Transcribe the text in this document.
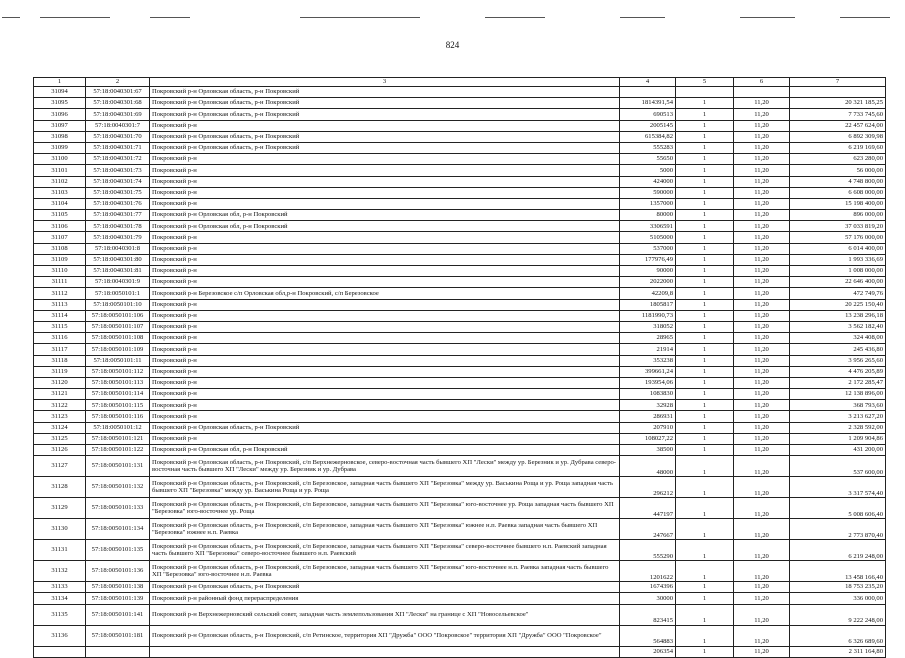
824
1	2	3	4	5	6	7
31094	57:18:0040301:67	Покровский р-н Орловская область, р-н Покровский				
31095	57:18:0040301:68	Покровский р-н Орловская область, р-н Покровский	1814391,54	1	11,20	20 321 185,25
31096	57:18:0040301:69	Покровский р-н Орловская область, р-н Покровский	690513	1	11,20	7 733 745,60
31097	57:18:0040301:7	Покровский р-н	2005145	1	11,20	22 457 624,00
31098	57:18:0040301:70	Покровский р-н Орловская область, р-н Покровский	615384,82	1	11,20	6 892 309,98
31099	57:18:0040301:71	Покровский р-н Орловская область, р-н Покровский	555283	1	11,20	6 219 169,60
31100	57:18:0040301:72	Покровский р-н	55650	1	11,20	623 280,00
31101	57:18:0040301:73	Покровский р-н	5000	1	11,20	56 000,00
31102	57:18:0040301:74	Покровский р-н	424000	1	11,20	4 748 800,00
31103	57:18:0040301:75	Покровский р-н	590000	1	11,20	6 608 000,00
31104	57:18:0040301:76	Покровский р-н	1357000	1	11,20	15 198 400,00
31105	57:18:0040301:77	Покровский р-н Орловская обл, р-н Покровский	80000	1	11,20	896 000,00
31106	57:18:0040301:78	Покровский р-н Орловская обл, р-н Покровский	3306591	1	11,20	37 033 819,20
31107	57:18:0040301:79	Покровский р-н	5105000	1	11,20	57 176 000,00
31108	57:18:0040301:8	Покровский р-н	537000	1	11,20	6 014 400,00
31109	57:18:0040301:80	Покровский р-н	177976,49	1	11,20	1 993 336,69
31110	57:18:0040301:81	Покровский р-н	90000	1	11,20	1 008 000,00
31111	57:18:0040301:9	Покровский р-н	2022000	1	11,20	22 646 400,00
31112	57:18:0050101:1	Покровский р-н Березовское с/п Орловская обл,р-н Покровский, с/п Березовское	42209,8	1	11,20	472 749,76
31113	57:18:0050101:10	Покровский р-н	1805817	1	11,20	20 225 150,40
31114	57:18:0050101:106	Покровский р-н	1181990,73	1	11,20	13 238 296,18
31115	57:18:0050101:107	Покровский р-н	318052	1	11,20	3 562 182,40
31116	57:18:0050101:108	Покровский р-н	28965	1	11,20	324 408,00
31117	57:18:0050101:109	Покровский р-н	21914	1	11,20	245 436,80
31118	57:18:0050101:11	Покровский р-н	353238	1	11,20	3 956 265,60
31119	57:18:0050101:112	Покровский р-н	399661,24	1	11,20	4 476 205,89
31120	57:18:0050101:113	Покровский р-н	193954,06	1	11,20	2 172 285,47
31121	57:18:0050101:114	Покровский р-н	1083830	1	11,20	12 138 896,00
31122	57:18:0050101:115	Покровский р-н	32928	1	11,20	368 793,60
31123	57:18:0050101:116	Покровский р-н	286931	1	11,20	3 213 627,20
31124	57:18:0050101:12	Покровский р-н Орловская область, р-н Покровский	207910	1	11,20	2 328 592,00
31125	57:18:0050101:121	Покровский р-н	108027,22	1	11,20	1 209 904,86
31126	57:18:0050101:122	Покровский р-н Орловская обл, р-н Покровский	38500	1	11,20	431 200,00
31127	57:18:0050101:131	Покровский р-н Орловская область, р-н Покровский, с/п Верхнежерновское, северо-восточная часть бывшего ХП "Лески" между ур. Березник и ур. Дубрава северо-восточная часть бывшего ХП "Лески" между ур. Березник и ур. Дубрава	48000	1	11,20	537 600,00
31128	57:18:0050101:132	Покровский р-н Орловская область, р-н Покровский, с/п Березовское, западная часть бывшего ХП "Березовка" между ур. Васькина Роща и ур. Роща западная часть бывшего ХП "Березовка" между ур. Васькина Роща и ур. Роща	296212	1	11,20	3 317 574,40
31129	57:18:0050101:133	Покровский р-н Орловская область, р-н Покровский, с/п Березовское, западная часть бывшего ХП "Березовка" юго-восточнее ур. Роща западная часть бывшего ХП "Березовка" юго-восточнее ур. Роща	447197	1	11,20	5 008 606,40
31130	57:18:0050101:134	Покровский р-н Орловская область, р-н Покровский, с/п Березовское, западная часть бывшего ХП "Березовка" южнее н.п. Раевка западная часть бывшего ХП "Березовка" южнее н.п. Раевка	247667	1	11,20	2 773 870,40
31131	57:18:0050101:135	Покровский р-н Орловская область, р-н Покровский, с/п Березовское, западная часть бывшего ХП "Березовка" северо-восточнее бывшего н.п. Раевский западная часть бывшего ХП "Березовка" северо-восточнее бывшего н.п. Раевский	555290	1	11,20	6 219 248,00
31132	57:18:0050101:136	Покровский р-н Орловская область, р-н Покровский, с/п Березовское, западная часть бывшего ХП "Березовка" юго-восточнее н.п. Раевка западная часть бывшего ХП "Березовка" юго-восточнее н.п. Раевка	1201622	1	11,20	13 458 166,40
31133	57:18:0050101:138	Покровский р-н Орловская область, р-н Покровский	1674396	1	11,20	18 753 235,20
31134	57:18:0050101:139	Покровский р-н районный фонд перераспределения	30000	1	11,20	336 000,00
31135	57:18:0050101:141	Покровский р-н Верхнежерновский сельский совет, западная часть землепользования ХП "Лески" на границе с ХП "Новосельевское"	823415	1	11,20	9 222 248,00
31136	57:18:0050101:181	Покровский р-н Орловская область, р-н Покровский, с/п Ретинское, территория ХП "Дружба" ООО "Покровское" территория ХП "Дружба" ООО "Покровское"	564883	1	11,20	6 326 689,60
			206354	1	11,20	2 311 164,80
